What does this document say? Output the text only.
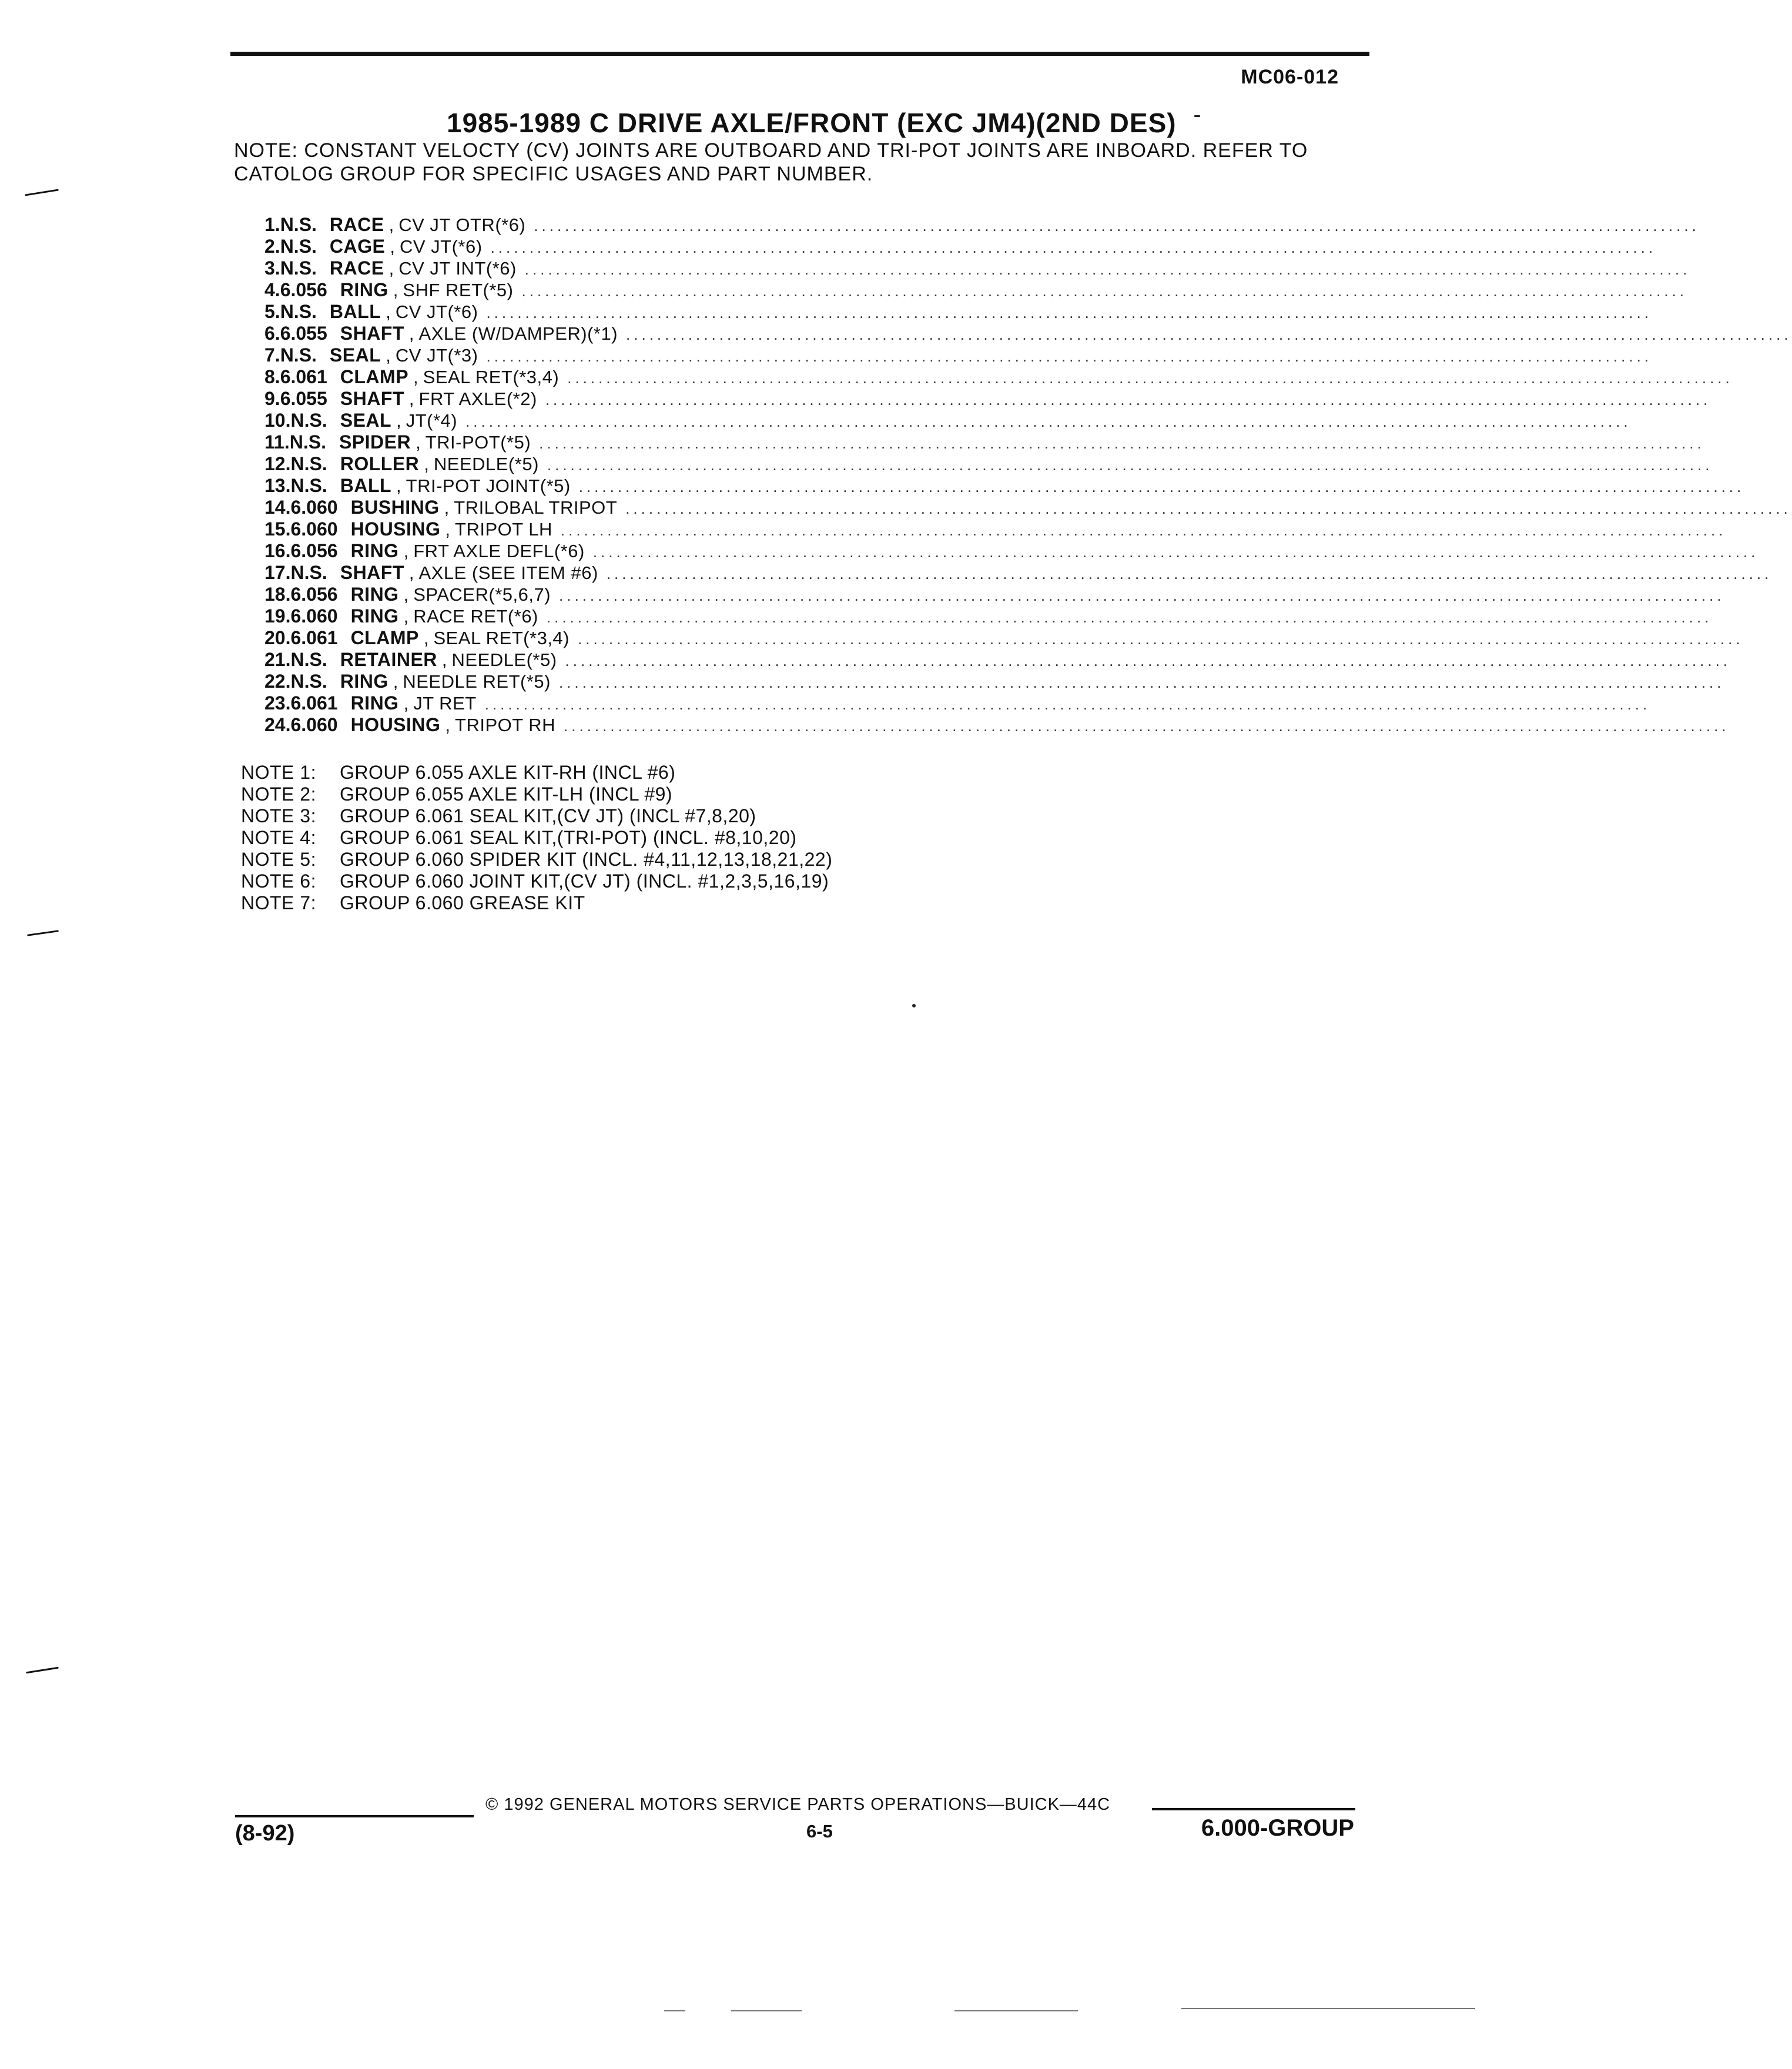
MC06-012
1985-1989 C DRIVE AXLE/FRONT (EXC JM4)(2ND DES)
NOTE: CONSTANT VELOCTY (CV) JOINTS ARE OUTBOARD AND TRI-POT JOINTS ARE INBOARD. REFER TO
CATOLOG GROUP FOR SPECIFIC USAGES AND PART NUMBER.
1. N.S. RACE , CV JT OTR(*6) ......................................................................................................................................................
2. N.S. CAGE , CV JT(*6) ......................................................................................................................................................
3. N.S. RACE , CV JT INT(*6) ......................................................................................................................................................
4. 6.056 RING , SHF RET(*5) ......................................................................................................................................................
5. N.S. BALL , CV JT(*6) ......................................................................................................................................................
6. 6.055 SHAFT , AXLE (W/DAMPER)(*1) ......................................................................................................................................................
7. N.S. SEAL , CV JT(*3) ......................................................................................................................................................
8. 6.061 CLAMP , SEAL RET(*3,4) ......................................................................................................................................................
9. 6.055 SHAFT , FRT AXLE(*2) ......................................................................................................................................................
10. N.S. SEAL , JT(*4) ......................................................................................................................................................
11. N.S. SPIDER , TRI-POT(*5) ......................................................................................................................................................
12. N.S. ROLLER , NEEDLE(*5) ......................................................................................................................................................
13. N.S. BALL , TRI-POT JOINT(*5) ......................................................................................................................................................
14. 6.060 BUSHING , TRILOBAL TRIPOT ......................................................................................................................................................
15. 6.060 HOUSING , TRIPOT LH ......................................................................................................................................................
16. 6.056 RING , FRT AXLE DEFL(*6) ......................................................................................................................................................
17. N.S. SHAFT , AXLE (SEE ITEM #6) ......................................................................................................................................................
18. 6.056 RING , SPACER(*5,6,7) ......................................................................................................................................................
19. 6.060 RING , RACE RET(*6) ......................................................................................................................................................
20. 6.061 CLAMP , SEAL RET(*3,4) ......................................................................................................................................................
21. N.S. RETAINER , NEEDLE(*5) ......................................................................................................................................................
22. N.S. RING , NEEDLE RET(*5) ......................................................................................................................................................
23. 6.061 RING , JT RET ......................................................................................................................................................
24. 6.060 HOUSING , TRIPOT RH ......................................................................................................................................................
NOTE 1: GROUP 6.055 AXLE KIT-RH (INCL #6)
NOTE 2: GROUP 6.055 AXLE KIT-LH (INCL #9)
NOTE 3: GROUP 6.061 SEAL KIT,(CV JT) (INCL #7,8,20)
NOTE 4: GROUP 6.061 SEAL KIT,(TRI-POT) (INCL. #8,10,20)
NOTE 5: GROUP 6.060 SPIDER KIT (INCL. #4,11,12,13,18,21,22)
NOTE 6: GROUP 6.060 JOINT KIT,(CV JT) (INCL. #1,2,3,5,16,19)
NOTE 7: GROUP 6.060 GREASE KIT
© 1992 GENERAL MOTORS SERVICE PARTS OPERATIONS—BUICK—44C
(8-92)	6-5	6.000-GROUP
